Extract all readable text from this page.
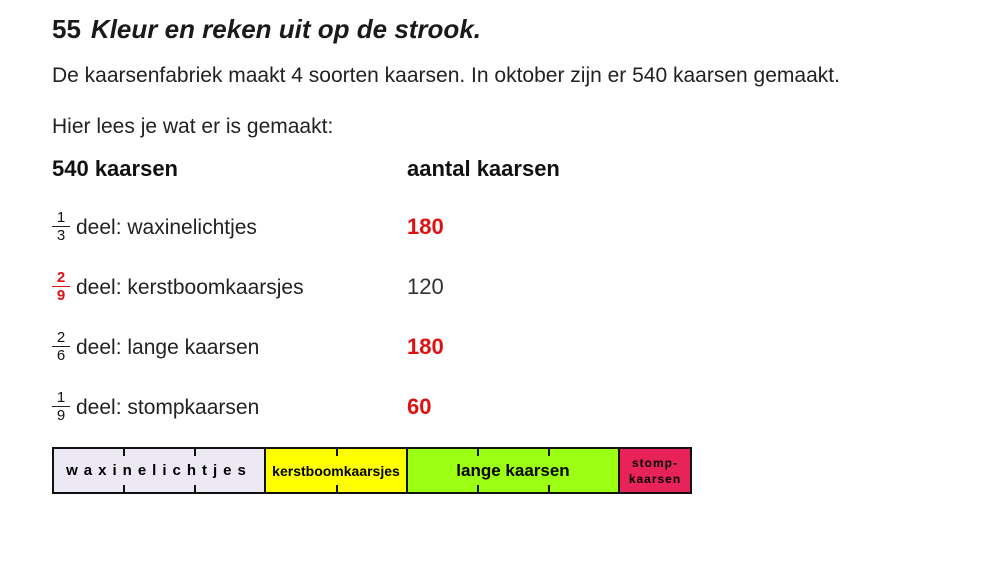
55 Kleur en reken uit op de strook.
De kaarsenfabriek maakt 4 soorten kaarsen. In oktober zijn er 540 kaarsen gemaakt.
Hier lees je wat er is gemaakt:
540 kaarsen	aantal kaarsen
$\frac{1}{3}$ deel: waxinelichtjes	180
$\frac{2}{9}$ deel: kerstboomkaarsjes	120
$\frac{2}{6}$ deel: lange kaarsen	180
$\frac{1}{9}$ deel: stompkaarsen	60
waxinelichtjes kerstboomkaarsjes	lange kaarsen	stomp-
kaarsen
